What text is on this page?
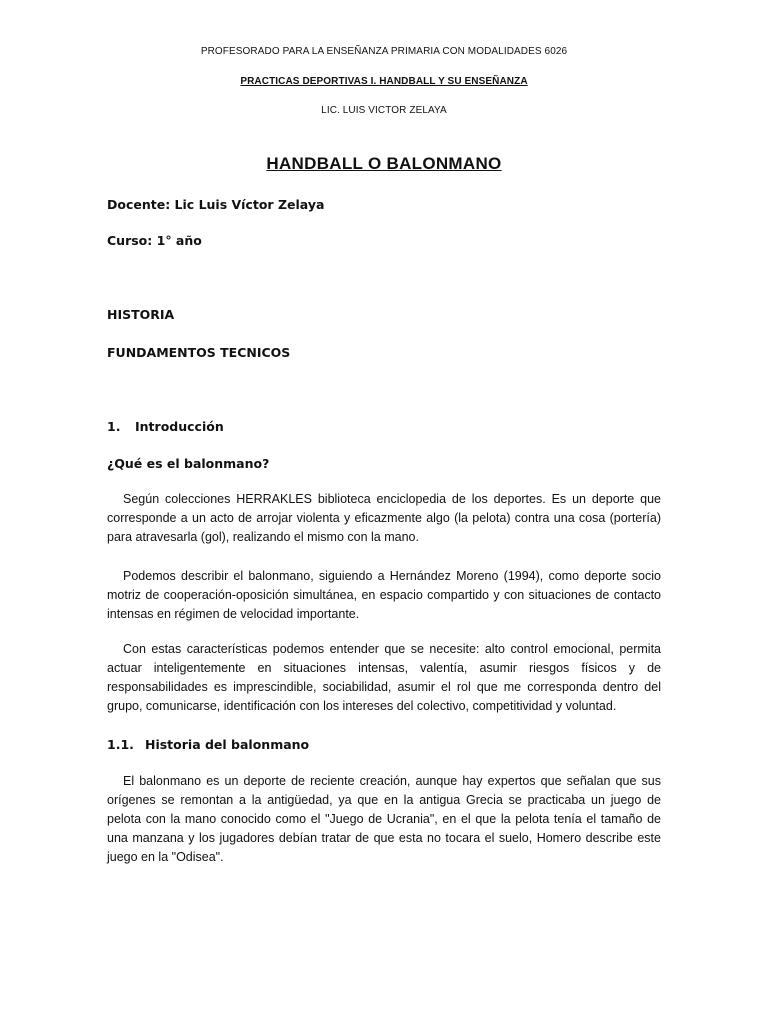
PROFESORADO PARA LA ENSEÑANZA PRIMARIA CON MODALIDADES 6026
PRACTICAS DEPORTIVAS I. HANDBALL Y SU ENSEÑANZA
LIC. LUIS VICTOR ZELAYA
HANDBALL O BALONMANO
Docente: Lic Luis Víctor Zelaya
Curso: 1° año
HISTORIA
FUNDAMENTOS TECNICOS
1. Introducción
¿Qué es el balonmano?

Según colecciones HERRAKLES biblioteca enciclopedia de los deportes. Es un deporte que corresponde a un acto de arrojar violenta y eficazmente algo (la pelota) contra una cosa (portería) para atravesarla (gol), realizando el mismo con la mano.

Podemos describir el balonmano, siguiendo a Hernández Moreno (1994), como deporte socio motriz de cooperación-oposición simultánea, en espacio compartido y con situaciones de contacto intensas en régimen de velocidad importante.

Con estas características podemos entender que se necesite: alto control emocional, permita actuar inteligentemente en situaciones intensas, valentía, asumir riesgos físicos y de responsabilidades es imprescindible, sociabilidad, asumir el rol que me corresponda dentro del grupo, comunicarse, identificación con los intereses del colectivo, competitividad y voluntad.

1.1. Historia del balonmano

El balonmano es un deporte de reciente creación, aunque hay expertos que señalan que sus orígenes se remontan a la antigüedad, ya que en la antigua Grecia se practicaba un juego de pelota con la mano conocido como el "Juego de Ucrania", en el que la pelota tenía el tamaño de una manzana y los jugadores debían tratar de que esta no tocara el suelo, Homero describe este juego en la "Odisea".
